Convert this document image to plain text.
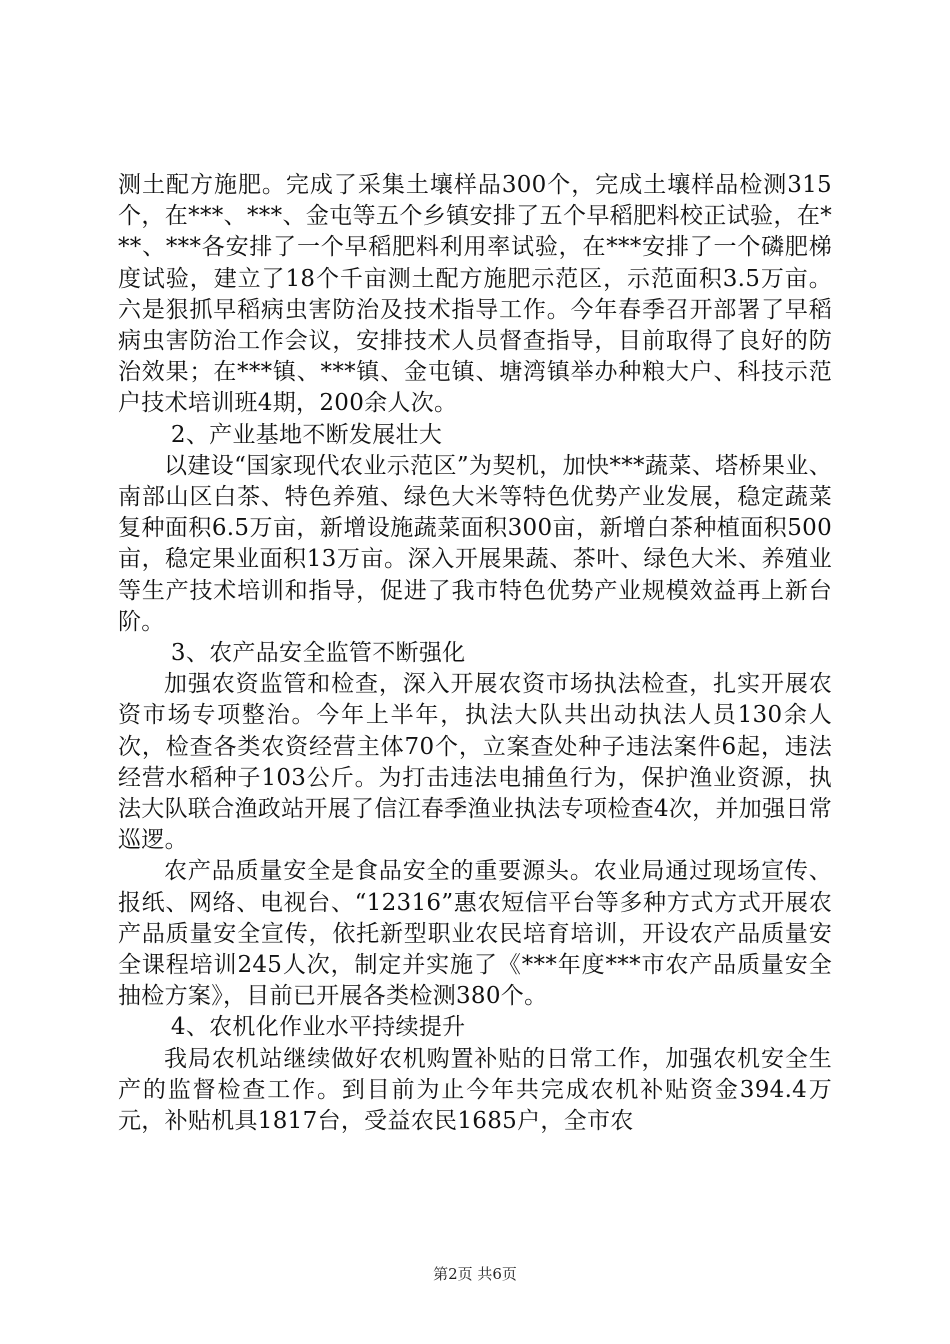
测土配方施肥。完成了采集土壤样品300个，完成土壤样品检测315个，在***、***、金屯等五个乡镇安排了五个早稻肥料校正试验，在***、***各安排了一个早稻肥料利用率试验，在***安排了一个磷肥梯度试验，建立了18个千亩测土配方施肥示范区，示范面积3.5万亩。六是狠抓早稻病虫害防治及技术指导工作。今年春季召开部署了早稻病虫害防治工作会议，安排技术人员督查指导，目前取得了良好的防治效果；在***镇、***镇、金屯镇、塘湾镇举办种粮大户、科技示范户技术培训班4期，200余人次。

2、产业基地不断发展壮大

以建设“国家现代农业示范区”为契机，加快***蔬菜、塔桥果业、南部山区白茶、特色养殖、绿色大米等特色优势产业发展，稳定蔬菜复种面积6.5万亩，新增设施蔬菜面积300亩，新增白茶种植面积500亩，稳定果业面积13万亩。深入开展果蔬、茶叶、绿色大米、养殖业等生产技术培训和指导，促进了我市特色优势产业规模效益再上新台阶。

3、农产品安全监管不断强化

加强农资监管和检查，深入开展农资市场执法检查，扎实开展农资市场专项整治。今年上半年，执法大队共出动执法人员130余人次，检查各类农资经营主体70个，立案查处种子违法案件6起，违法经营水稻种子103公斤。为打击违法电捕鱼行为，保护渔业资源，执法大队联合渔政站开展了信江春季渔业执法专项检查4次，并加强日常巡逻。

农产品质量安全是食品安全的重要源头。农业局通过现场宣传、报纸、网络、电视台、“12316”惠农短信平台等多种方式方式开展农产品质量安全宣传，依托新型职业农民培育培训，开设农产品质量安全课程培训245人次，制定并实施了《***年度***市农产品质量安全抽检方案》，目前已开展各类检测380个。

4、农机化作业水平持续提升

我局农机站继续做好农机购置补贴的日常工作，加强农机安全生产的监督检查工作。到目前为止今年共完成农机补贴资金394.4万元，补贴机具1817台，受益农民1685户，全市农

第2页 共6页
